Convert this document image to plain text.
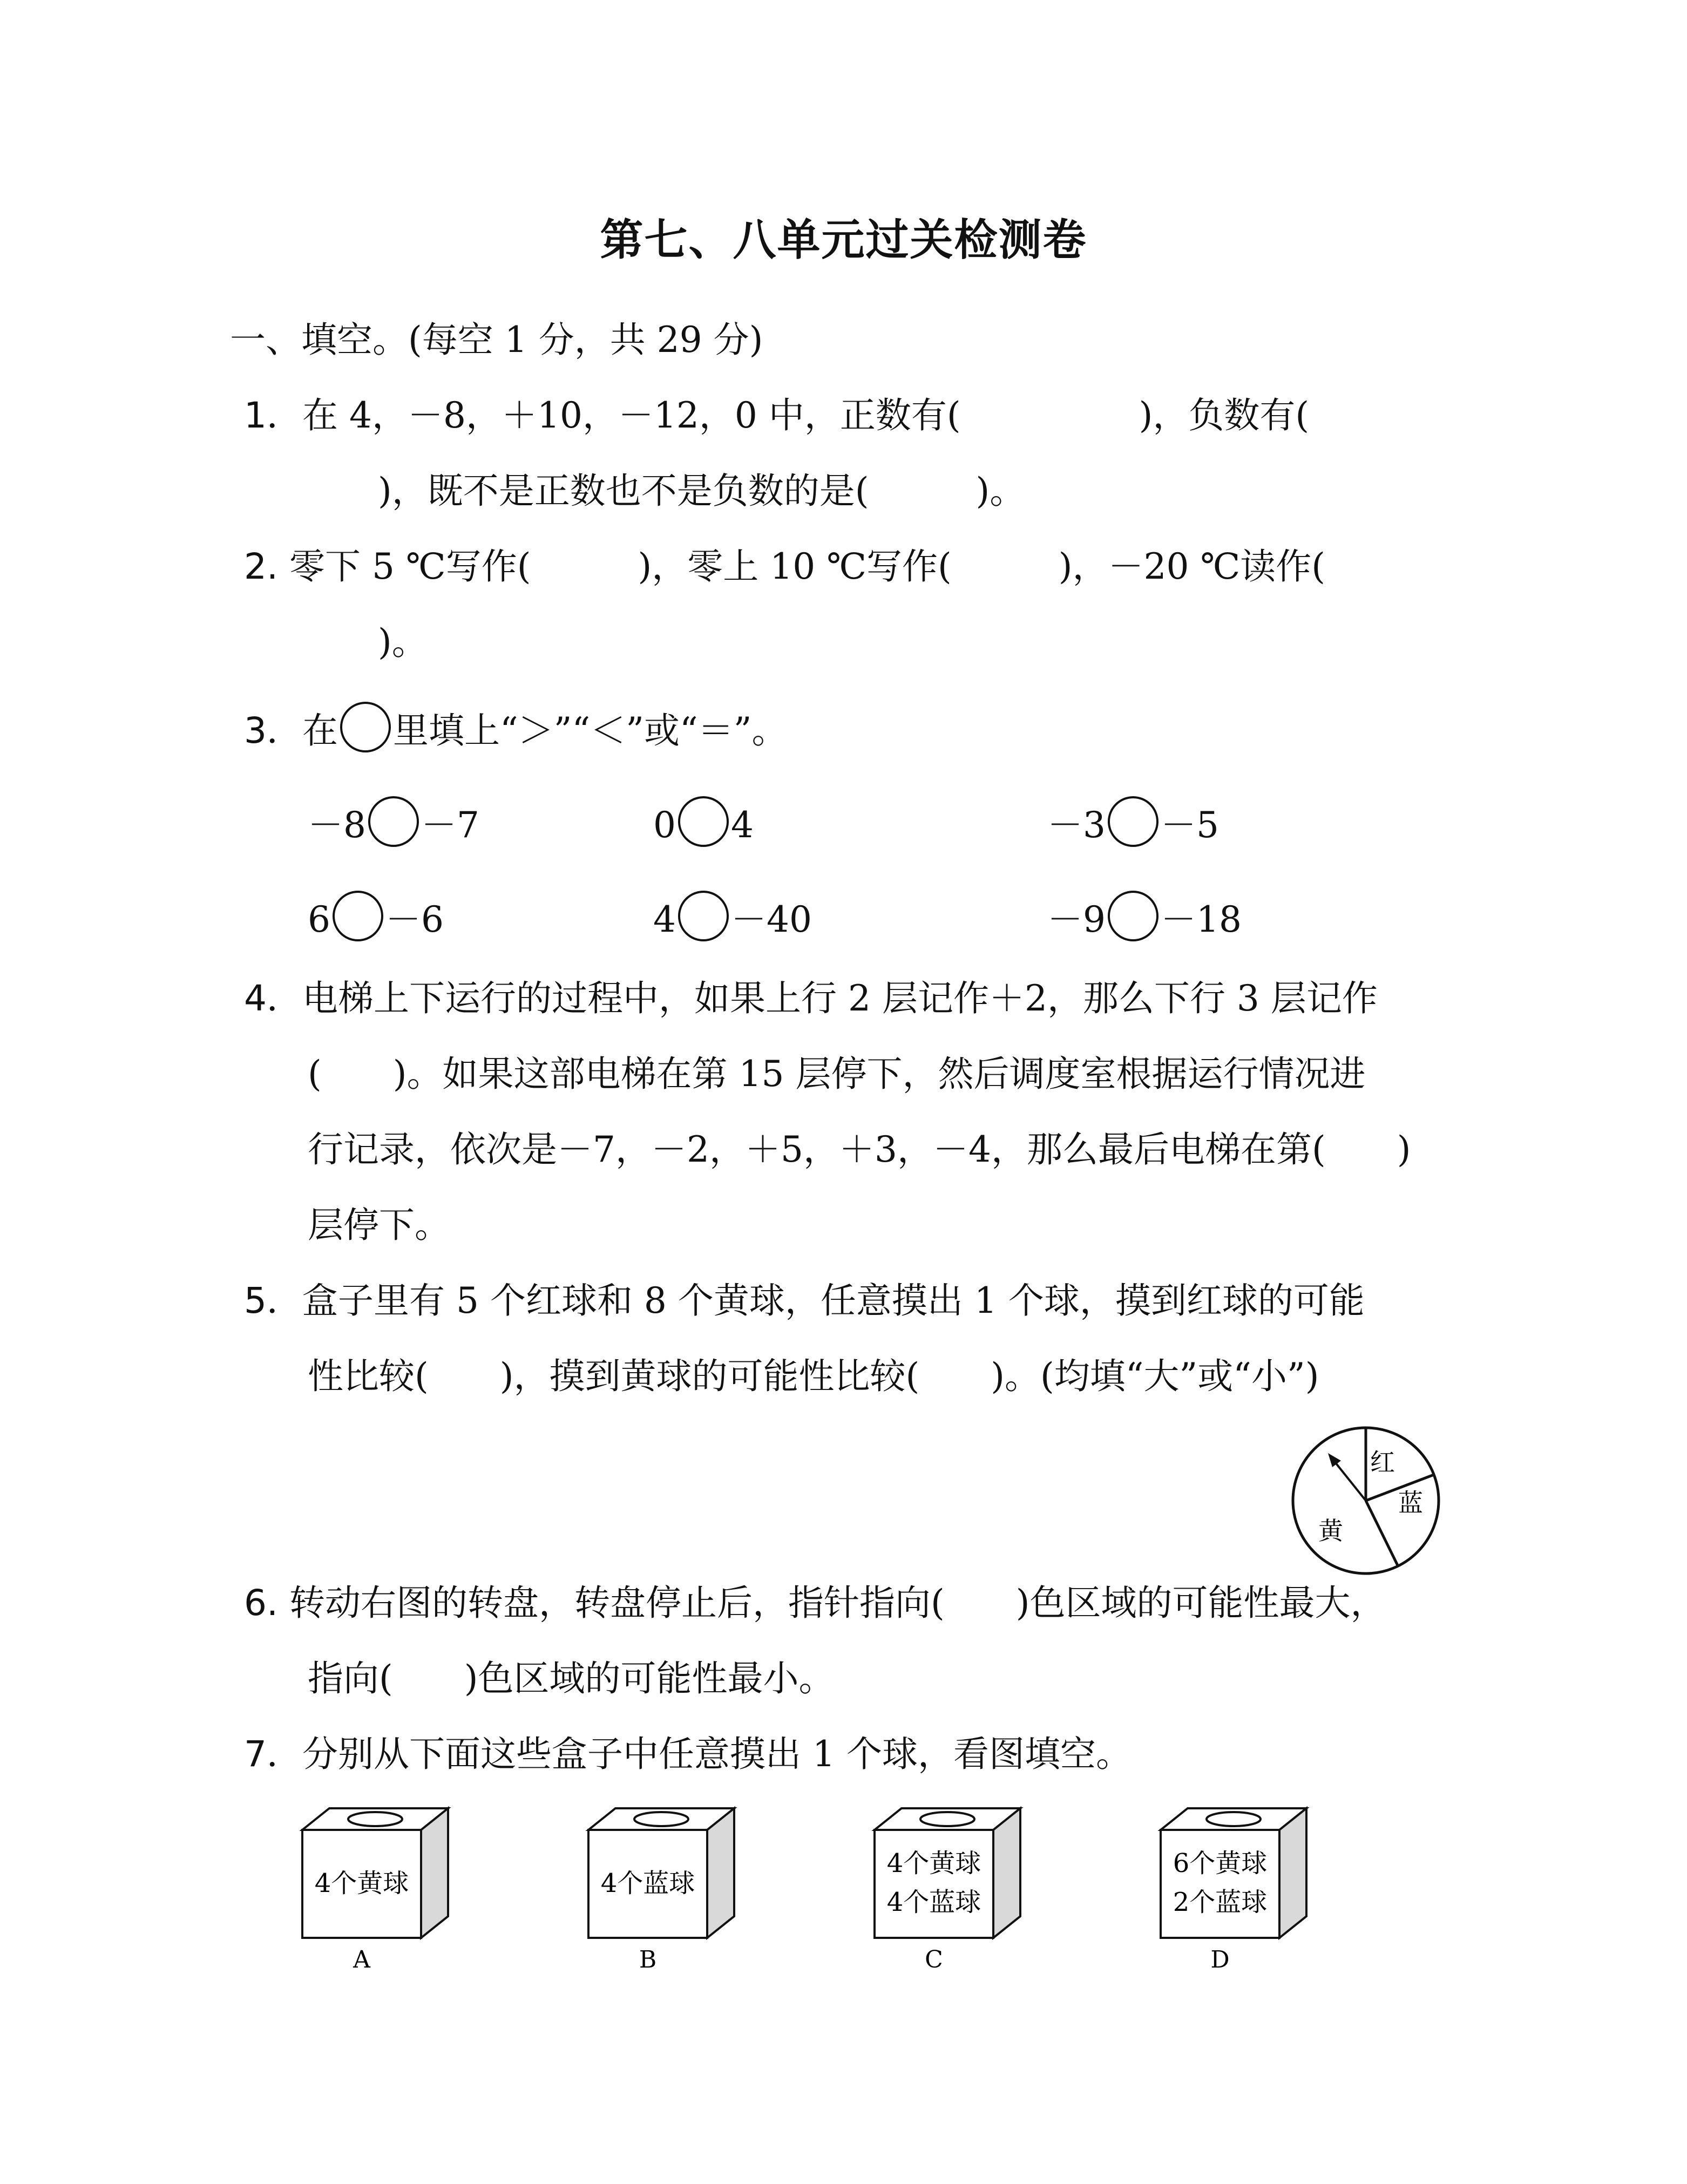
第七、八单元过关检测卷
一、填空。(每空 1 分，共 29 分)
1．在 4，－8，＋10，－12，0 中，正数有(　　　　　)，负数有(
)，既不是正数也不是负数的是(　　　)。
2. 零下 5 ℃写作(　　　)，零上 10 ℃写作(　　　)，－20 ℃读作(
)。
3．在 里填上“＞”“＜”或“＝”。
－8 －7	0 4	－3 －5
6 －6	4 －40	－9 －18
4．电梯上下运行的过程中，如果上行 2 层记作＋2，那么下行 3 层记作
(　　)。如果这部电梯在第 15 层停下，然后调度室根据运行情况进
行记录，依次是－7，－2，＋5，＋3，－4，那么最后电梯在第(　　)
层停下。
5．盒子里有 5 个红球和 8 个黄球，任意摸出 1 个球，摸到红球的可能
性比较(　　)，摸到黄球的可能性比较(　　)。(均填“大”或“小”)
红
蓝
黄
6. 转动右图的转盘，转盘停止后，指针指向(　　)色区域的可能性最大，
指向(　　)色区域的可能性最小。
7．分别从下面这些盒子中任意摸出 1 个球，看图填空。
4个黄球
A
4个蓝球
B
4个黄球
4个蓝球
C
6个黄球
2个蓝球
D
